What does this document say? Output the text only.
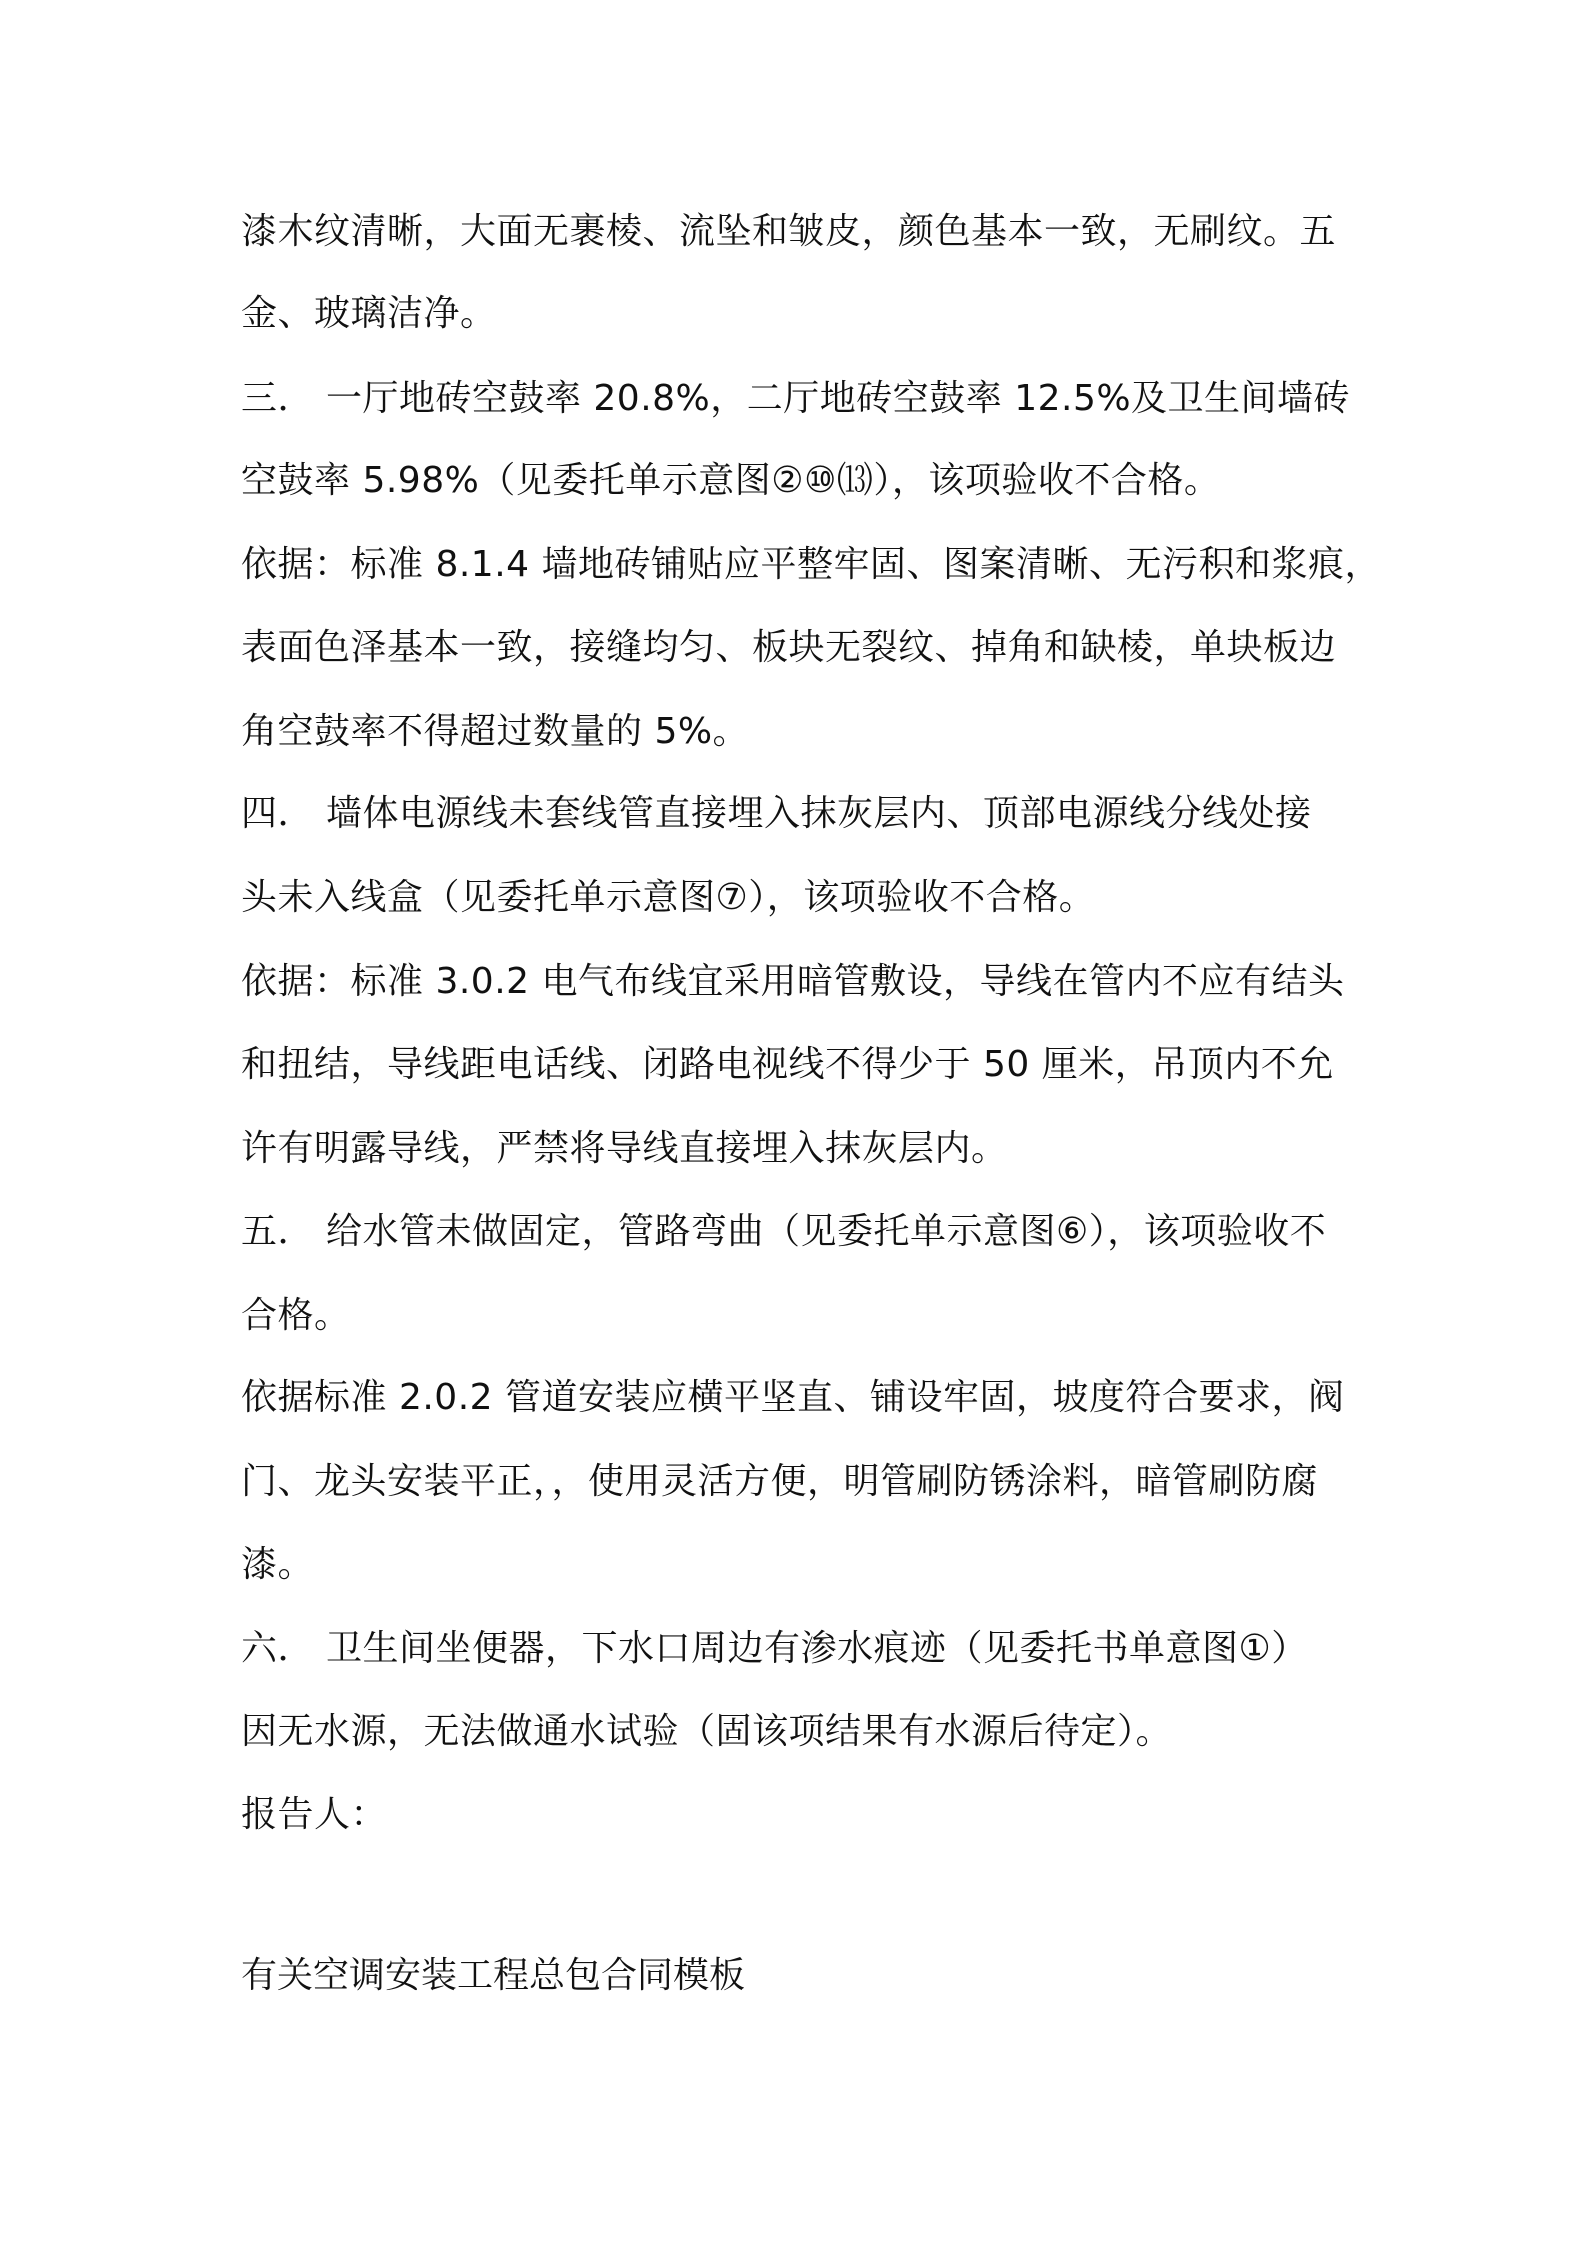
漆木纹清晰，大面无裹棱、流坠和皱皮，颜色基本一致，无刷纹。五
金、玻璃洁净。
三． 一厅地砖空鼓率 20.8%，二厅地砖空鼓率 12.5%及卫生间墙砖
空鼓率 5.98%（见委托单示意图②⑩⒀），该项验收不合格。
依据：标准 8.1.4 墙地砖铺贴应平整牢固、图案清晰、无污积和浆痕，
表面色泽基本一致，接缝均匀、板块无裂纹、掉角和缺棱，单块板边
角空鼓率不得超过数量的 5%。
四． 墙体电源线未套线管直接埋入抹灰层内、顶部电源线分线处接
头未入线盒（见委托单示意图⑦），该项验收不合格。
依据：标准 3.0.2 电气布线宜采用暗管敷设，导线在管内不应有结头
和扭结，导线距电话线、闭路电视线不得少于 50 厘米，吊顶内不允
许有明露导线，严禁将导线直接埋入抹灰层内。
五． 给水管未做固定，管路弯曲（见委托单示意图⑥），该项验收不
合格。
依据标准 2.0.2 管道安装应横平坚直、铺设牢固，坡度符合要求，阀
门、龙头安装平正，，使用灵活方便，明管刷防锈涂料，暗管刷防腐
漆。
六． 卫生间坐便器，下水口周边有渗水痕迹（见委托书单意图①）
因无水源，无法做通水试验（固该项结果有水源后待定）。
报告人：
有关空调安装工程总包合同模板
